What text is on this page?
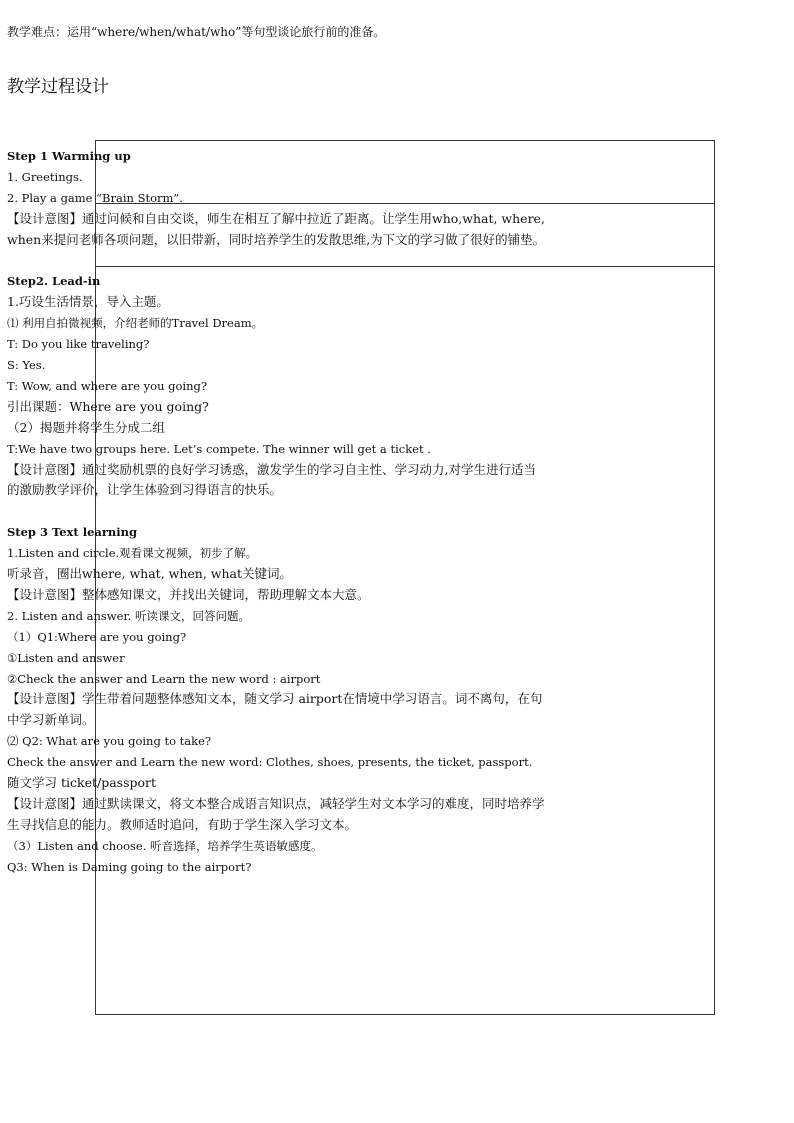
教学难点：运用“where/when/what/who”等句型谈论旅行前的准备。
教学过程设计
Step 1 Warming up
1. Greetings.
2. Play a game “Brain Storm”.
【设计意图】通过问候和自由交谈，师生在相互了解中拉近了距离。让学生用who,what, where,
when来提问老师各项问题，以旧带新，同时培养学生的发散思维,为下文的学习做了很好的铺垫。
Step2. Lead-in
1.巧设生活情景，导入主题。
⑴ 利用自拍微视频，介绍老师的Travel Dream。
T: Do you like traveling?
S: Yes.
T: Wow, and where are you going?
引出课题：Where are you going?
（2）揭题并将学生分成二组
T:We have two groups here. Let’s compete. The winner will get a ticket .
【设计意图】通过奖励机票的良好学习诱惑，激发学生的学习自主性、学习动力,对学生进行适当
的激励教学评价，让学生体验到习得语言的快乐。
Step 3 Text learning
1.Listen and circle.观看课文视频，初步了解。
听录音，圈出where, what, when, what关键词。
【设计意图】整体感知课文，并找出关键词，帮助理解文本大意。
2. Listen and answer. 听读课文，回答问题。
（1）Q1:Where are you going?
①Listen and answer
②Check the answer and Learn the new word : airport
【设计意图】学生带着问题整体感知文本，随文学习 airport在情境中学习语言。词不离句，在句
中学习新单词。
⑵ Q2: What are you going to take?
Check the answer and Learn the new word: Clothes, shoes, presents, the ticket, passport.
随文学习 ticket/passport
【设计意图】通过默读课文，将文本整合成语言知识点，减轻学生对文本学习的难度，同时培养学
生寻找信息的能力。教师适时追问，有助于学生深入学习文本。
（3）Listen and choose. 听音选择，培养学生英语敏感度。
Q3: When is Daming going to the airport?
